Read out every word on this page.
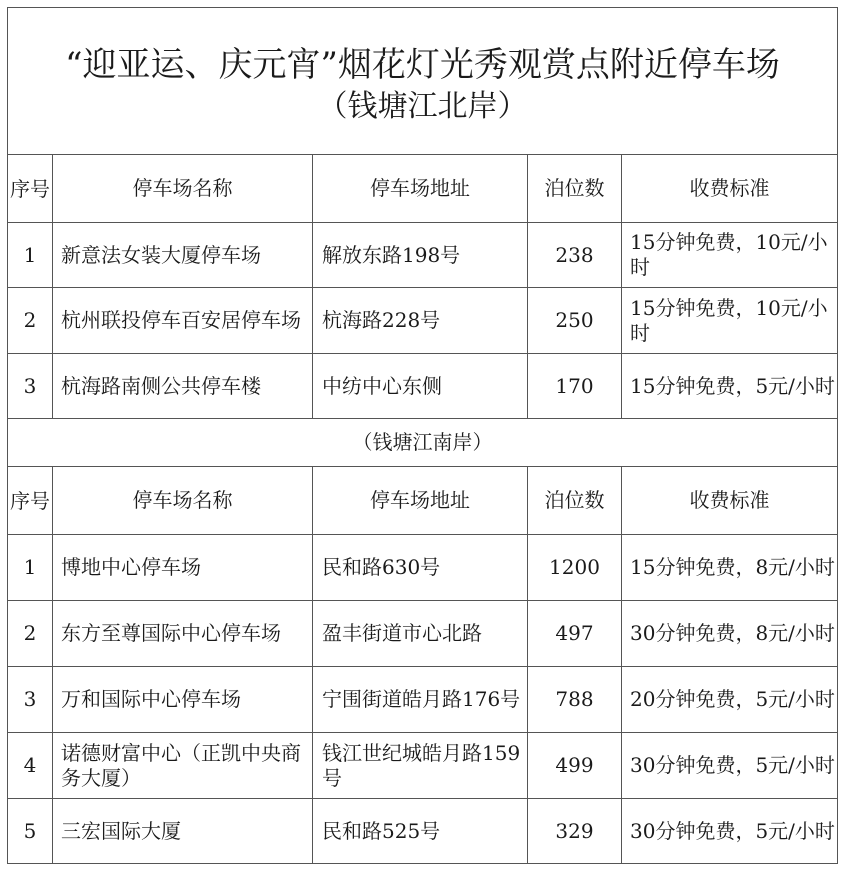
“迎亚运、庆元宵”烟花灯光秀观赏点附近停车场
（钱塘江北岸）				

序号	停车场名称	停车场地址	泊位数	收费标准
1	新意法女装大厦停车场	解放东路198号	238	15分钟免费，10元/小时
2	杭州联投停车百安居停车场	杭海路228号	250	15分钟免费，10元/小时
3	杭海路南侧公共停车楼	中纺中心东侧	170	15分钟免费，5元/小时
（钱塘江南岸）				
序号	停车场名称	停车场地址	泊位数	收费标准
1	博地中心停车场	民和路630号	1200	15分钟免费，8元/小时
2	东方至尊国际中心停车场	盈丰街道市心北路	497	30分钟免费，8元/小时
3	万和国际中心停车场	宁围街道皓月路176号	788	20分钟免费，5元/小时
4	诺德财富中心（正凯中央商务大厦）	钱江世纪城皓月路159号	499	30分钟免费，5元/小时
5	三宏国际大厦	民和路525号	329	30分钟免费，5元/小时
